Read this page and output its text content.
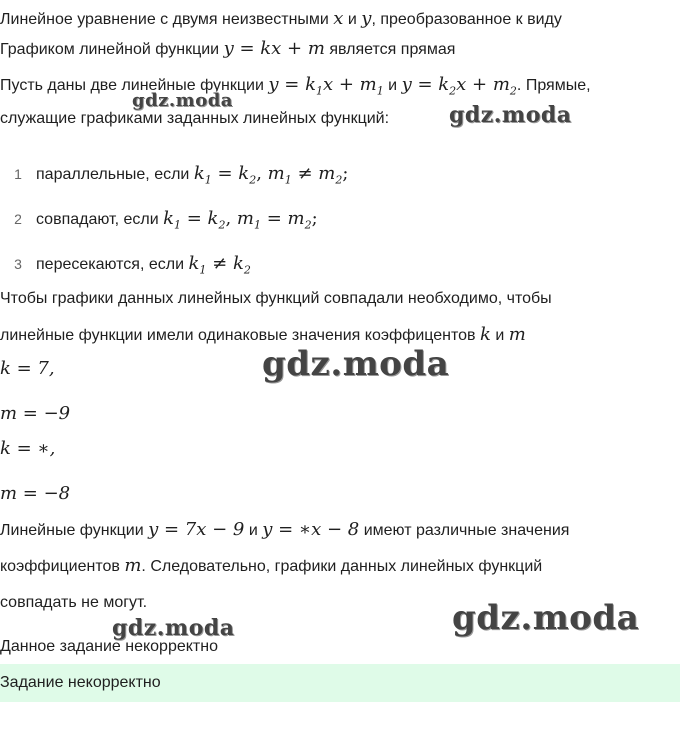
Линейное уравнение с двумя неизвестными x и y, преобразованное к виду
Графиком линейной функции y = kx + m является прямая
Пусть даны две линейные функции $y = k_1x + m_1$ и $y = k_2x + m_2$. Прямые,
служащие графиками заданных линейных функций:
1 параллельные, если $k_1 = k_2$, $m_1 \ne m_2$;
2 совпадают, если $k_1 = k_2$, $m_1 = m_2$;
3 пересекаются, если $k_1 \ne k_2$
Чтобы графики данных линейных функций совпадали необходимо, чтобы
линейные функции имели одинаковые значения коэффицентов k и m
k = 7,
m = −9
k = ∗,
m = −8
Линейные функции y = 7x − 9 и y = ∗x − 8 имеют различные значения
коэффициентов m. Следовательно, графики данных линейных функций
совпадать не могут.
Данное задание некорректно
Задание некорректно
gdz.moda
gdz.moda
gdz.moda
gdz.moda
gdz.moda
